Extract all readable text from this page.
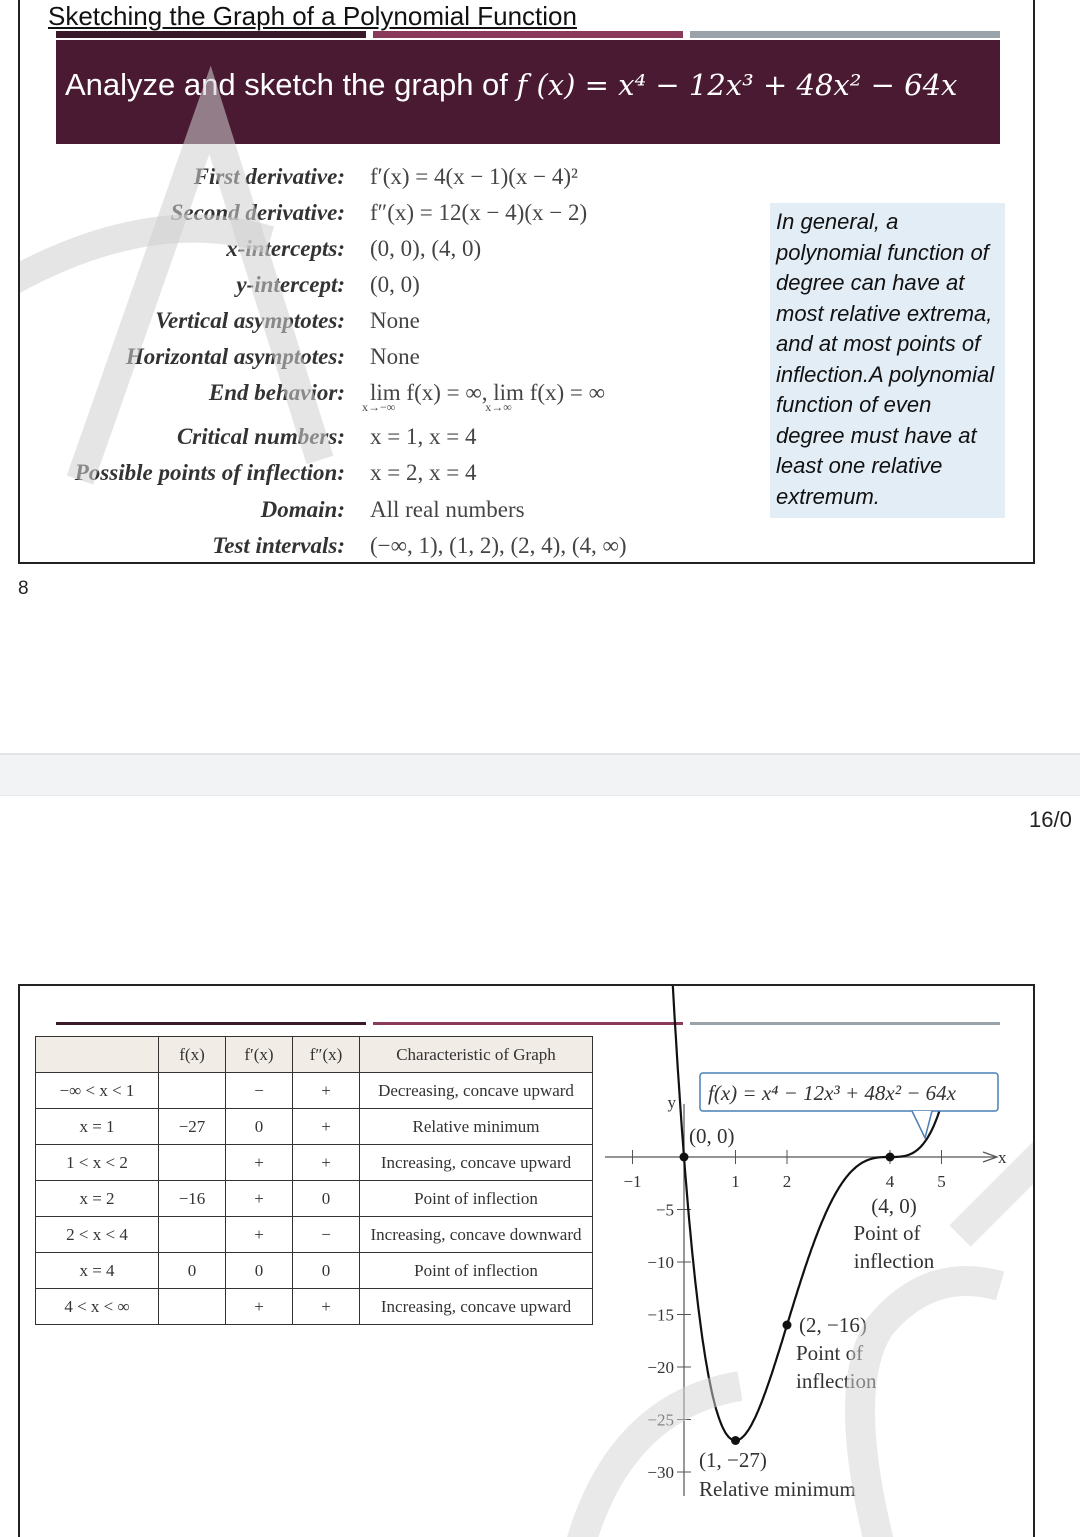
Sketching the Graph of a Polynomial Function
Analyze and sketch the graph of f (x) = x⁴ − 12x³ + 48x² − 64x
First derivative: f′(x) = 4(x − 1)(x − 4)²
Second derivative: f″(x) = 12(x − 4)(x − 2)
x-intercepts: (0, 0), (4, 0)
y-intercept: (0, 0)
Vertical asymptotes: None
Horizontal asymptotes: None
End behavior: lim
x→−∞
f(x) = ∞, lim
x→∞
f(x) = ∞
Critical numbers: x = 1, x = 4
Possible points of inflection: x = 2, x = 4
Domain: All real numbers
Test intervals: (−∞, 1), (1, 2), (2, 4), (4, ∞)
In general, a polynomial function of degree can have at most relative extrema, and at most points of inflection.A polynomial function of even degree must have at least one relative extremum.
8
16/0
	f(x)	f′(x)	f″(x)	Characteristic of Graph
−∞ < x < 1		−	+	Decreasing, concave upward
x = 1	−27	0	+	Relative minimum
1 < x < 2		+	+	Increasing, concave upward
x = 2	−16	+	0	Point of inflection
2 < x < 4		+	−	Increasing, concave downward
x = 4	0	0	0	Point of inflection
4 < x < ∞		+	+	Increasing, concave upward
x
y
−1	1	2	4	5
−5
−10
−15
−20
−25
−30
f(x) = x⁴ − 12x³ + 48x² − 64x
(0, 0)
(4, 0)
Point of
inflection
(2, −16)
Point of
inflection
(1, −27)
Relative minimum
